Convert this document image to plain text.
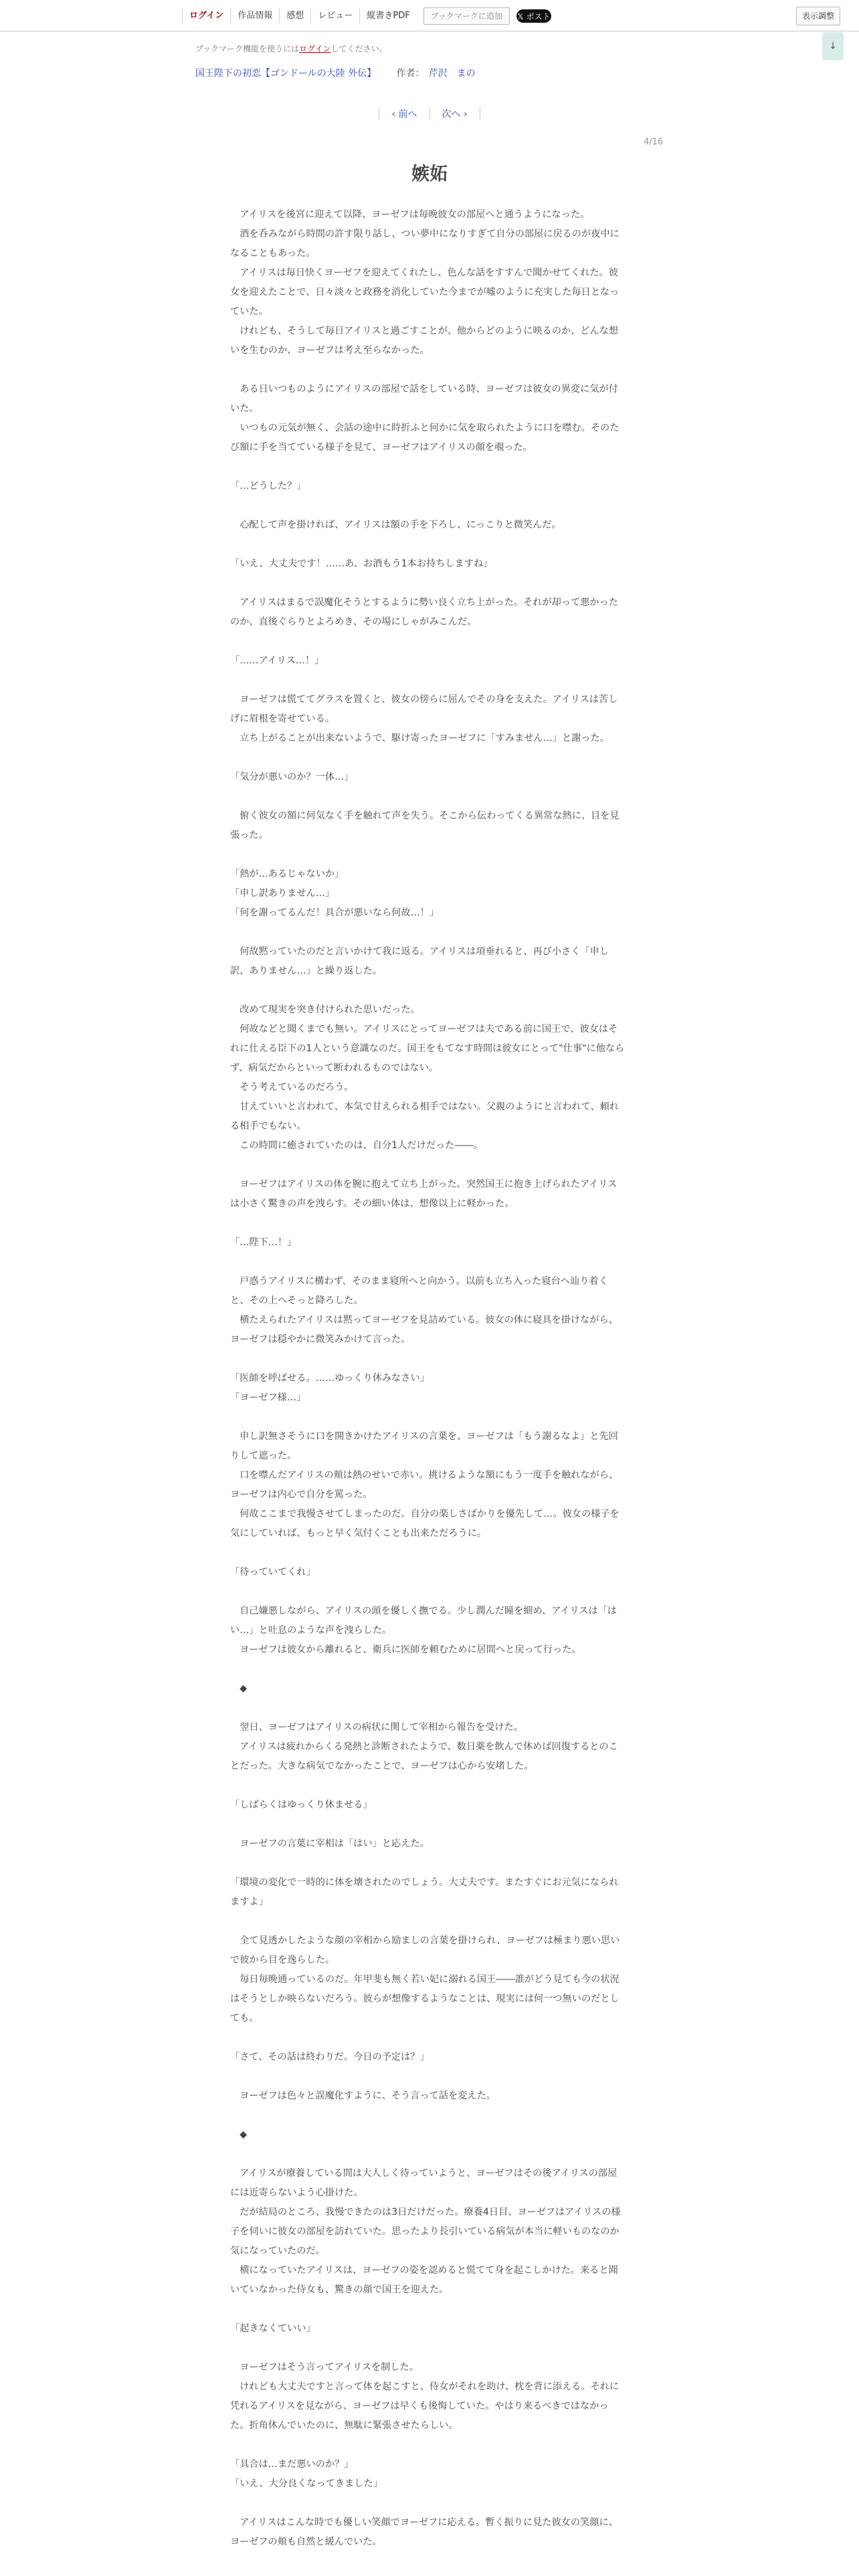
ログイン	作品情報	感想	レビュー	縦書きPDF	ブックマークに追加	𝕏 ポスト	表示調整
ブックマーク機能を使うにはログインしてください。	↓
国王陛下の初恋【ゴンドールの大陸 外伝】 作者： 芹沢　まの
‹ 前へ	次へ ›
4/16
嫉妬

　アイリスを後宮に迎えて以降、ヨーゼフは毎晩彼女の部屋へと通うようになった。

　酒を呑みながら時間の許す限り話し、つい夢中になりすぎて自分の部屋に戻るのが夜中になることもあった。

　アイリスは毎日快くヨーゼフを迎えてくれたし、色んな話をすすんで聞かせてくれた。彼女を迎えたことで、日々淡々と政務を消化していた今までが嘘のように充実した毎日となっていた。

　けれども、そうして毎日アイリスと過ごすことが、他からどのように映るのか、どんな想いを生むのか、ヨーゼフは考え至らなかった。

　ある日いつものようにアイリスの部屋で話をしている時、ヨーゼフは彼女の異変に気が付いた。

　いつもの元気が無く、会話の途中に時折ふと何かに気を取られたように口を噤む。そのたび額に手を当てている様子を見て、ヨーゼフはアイリスの顔を覗った。

「…どうした？」

　心配して声を掛ければ、アイリスは額の手を下ろし、にっこりと微笑んだ。

「いえ、大丈夫です！……あ、お酒もう1本お持ちしますね」

　アイリスはまるで誤魔化そうとするように勢い良く立ち上がった。それが却って悪かったのか、直後ぐらりとよろめき、その場にしゃがみこんだ。

「……アイリス…！」

　ヨーゼフは慌ててグラスを置くと、彼女の傍らに屈んでその身を支えた。アイリスは苦しげに眉根を寄せている。

　立ち上がることが出来ないようで、駆け寄ったヨーゼフに「すみません…」と謝った。

「気分が悪いのか？一体…」

　俯く彼女の額に何気なく手を触れて声を失う。そこから伝わってくる異常な熱に、目を見張った。

「熱が…あるじゃないか」

「申し訳ありません…」

「何を謝ってるんだ！具合が悪いなら何故…！」

　何故黙っていたのだと言いかけて我に返る。アイリスは項垂れると、再び小さく「申し訳、ありません…」と繰り返した。

　改めて現実を突き付けられた思いだった。

　何故などと聞くまでも無い。アイリスにとってヨーゼフは夫である前に国王で、彼女はそれに仕える臣下の1人という意識なのだ。国王をもてなす時間は彼女にとって"仕事"に他ならず、病気だからといって断われるものではない。

　そう考えているのだろう。

　甘えていいと言われて、本気で甘えられる相手ではない。父親のようにと言われて、頼れる相手でもない。

　この時間に癒されていたのは、自分1人だけだった――。

　ヨーゼフはアイリスの体を腕に抱えて立ち上がった。突然国王に抱き上げられたアイリスは小さく驚きの声を洩らす。その細い体は、想像以上に軽かった。

「…陛下…！」

　戸惑うアイリスに構わず、そのまま寝所へと向かう。以前も立ち入った寝台へ辿り着くと、その上へそっと降ろした。

　横たえられたアイリスは黙ってヨーゼフを見詰めている。彼女の体に寝具を掛けながら、ヨーゼフは穏やかに微笑みかけて言った。

「医師を呼ばせる。……ゆっくり休みなさい」

「ヨーゼフ様…」

　申し訳無さそうに口を開きかけたアイリスの言葉を、ヨーゼフは「もう謝るなよ」と先回りして遮った。

　口を噤んだアイリスの頬は熱のせいで赤い。挑けるような額にもう一度手を触れながら、ヨーゼフは内心で自分を罵った。

　何故ここまで我慢させてしまったのだ。自分の楽しさばかりを優先して…。彼女の様子を気にしていれば、もっと早く気付くことも出来ただろうに。

「待っていてくれ」

　自己嫌悪しながら、アイリスの頭を優しく撫でる。少し潤んだ瞳を細め、アイリスは「はい…」と吐息のような声を洩らした。

　ヨーゼフは彼女から離れると、衛兵に医師を頼むために居間へと戻って行った。

　◆

　翌日、ヨーゼフはアイリスの病状に関して宰相から報告を受けた。

　アイリスは疲れからくる発熱と診断されたようで、数日薬を飲んで休めば回復するとのことだった。大きな病気でなかったことで、ヨーゼフは心から安堵した。

「しばらくはゆっくり休ませる」

　ヨーゼフの言葉に宰相は「はい」と応えた。

「環境の変化で一時的に体を壊されたのでしょう。大丈夫です。またすぐにお元気になられますよ」

　全て見透かしたような顔の宰相から励ましの言葉を掛けられ、ヨーゼフは極まり悪い思いで彼から目を逸らした。

　毎日毎晩通っているのだ。年甲斐も無く若い妃に溺れる国王――誰がどう見ても今の状況はそうとしか映らないだろう。彼らが想像するようなことは、現実には何一つ無いのだとしても。

「さて、その話は終わりだ。今日の予定は？」

　ヨーゼフは色々と誤魔化すように、そう言って話を変えた。

　◆

　アイリスが療養している間は大人しく待っていようと、ヨーゼフはその後アイリスの部屋には近寄らないよう心掛けた。

　だが結局のところ、我慢できたのは3日だけだった。療養4日目、ヨーゼフはアイリスの様子を伺いに彼女の部屋を訪れていた。思ったより長引いている病気が本当に軽いものなのか気になっていたのだ。

　横になっていたアイリスは、ヨーゼフの姿を認めると慌てて身を起こしかけた。来ると聞いていなかった侍女も、驚きの顔で国王を迎えた。

「起きなくていい」

　ヨーゼフはそう言ってアイリスを制した。

　けれども大丈夫ですと言って体を起こすと、侍女がそれを助け、枕を背に添える。それに凭れるアイリスを見ながら、ヨーゼフは早くも後悔していた。やはり来るべきではなかった。折角休んでいたのに、無駄に緊張させたらしい。

「具合は…まだ悪いのか？」

「いえ、大分良くなってきました」

　アイリスはこんな時でも優しい笑顔でヨーゼフに応える。暫く振りに見た彼女の笑顔に、ヨーゼフの頬も自然と緩んでいた。
